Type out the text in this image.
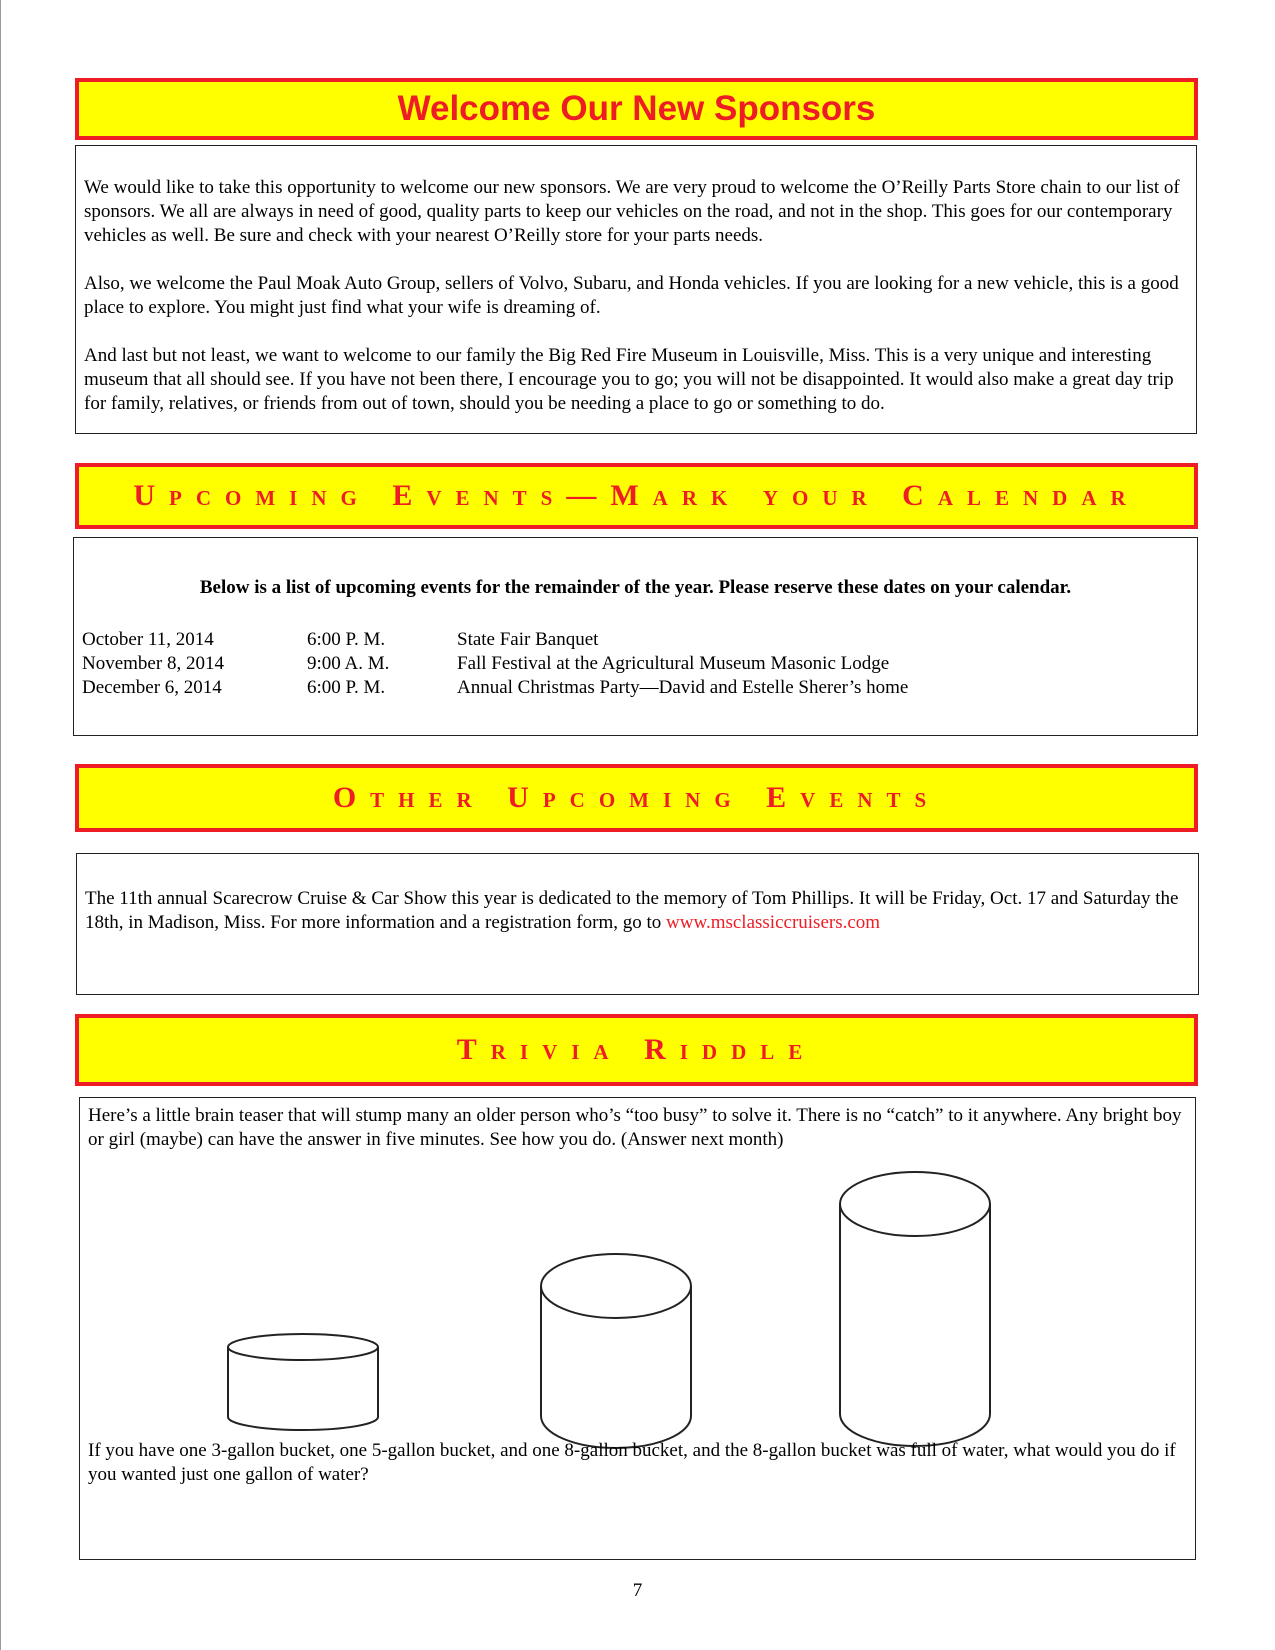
Welcome Our New Sponsors

We would like to take this opportunity to welcome our new sponsors. We are very proud to welcome the O’Reilly Parts Store chain to our list of sponsors. We all are always in need of good, quality parts to keep our vehicles on the road, and not in the shop. This goes for our contemporary vehicles as well. Be sure and check with your nearest O’Reilly store for your parts needs.

Also, we welcome the Paul Moak Auto Group, sellers of Volvo, Subaru, and Honda vehicles. If you are looking for a new vehicle, this is a good place to explore. You might just find what your wife is dreaming of.

And last but not least, we want to welcome to our family the Big Red Fire Museum in Louisville, Miss. This is a very unique and interesting museum that all should see. If you have not been there, I encourage you to go; you will not be disappointed. It would also make a great day trip for family, relatives, or friends from out of town, should you be needing a place to go or something to do.

Upcoming Events—Mark your Calendar

Below is a list of upcoming events for the remainder of the year. Please reserve these dates on your calendar.

October 11, 2014	6:00 P. M.	State Fair Banquet
November 8, 2014	9:00 A. M.	Fall Festival at the Agricultural Museum Masonic Lodge
December 6, 2014	6:00 P. M.	Annual Christmas Party—David and Estelle Sherer’s home
Other Upcoming Events

The 11th annual Scarecrow Cruise & Car Show this year is dedicated to the memory of Tom Phillips. It will be Friday, Oct. 17 and Saturday the 18th, in Madison, Miss. For more information and a registration form, go to www.msclassiccruisers.com

Trivia Riddle

Here’s a little brain teaser that will stump many an older person who’s “too busy” to solve it. There is no “catch” to it anywhere. Any bright boy or girl (maybe) can have the answer in five minutes. See how you do. (Answer next month)

If you have one 3-gallon bucket, one 5-gallon bucket, and one 8-gallon bucket, and the 8-gallon bucket was full of water, what would you do if you wanted just one gallon of water?

7
